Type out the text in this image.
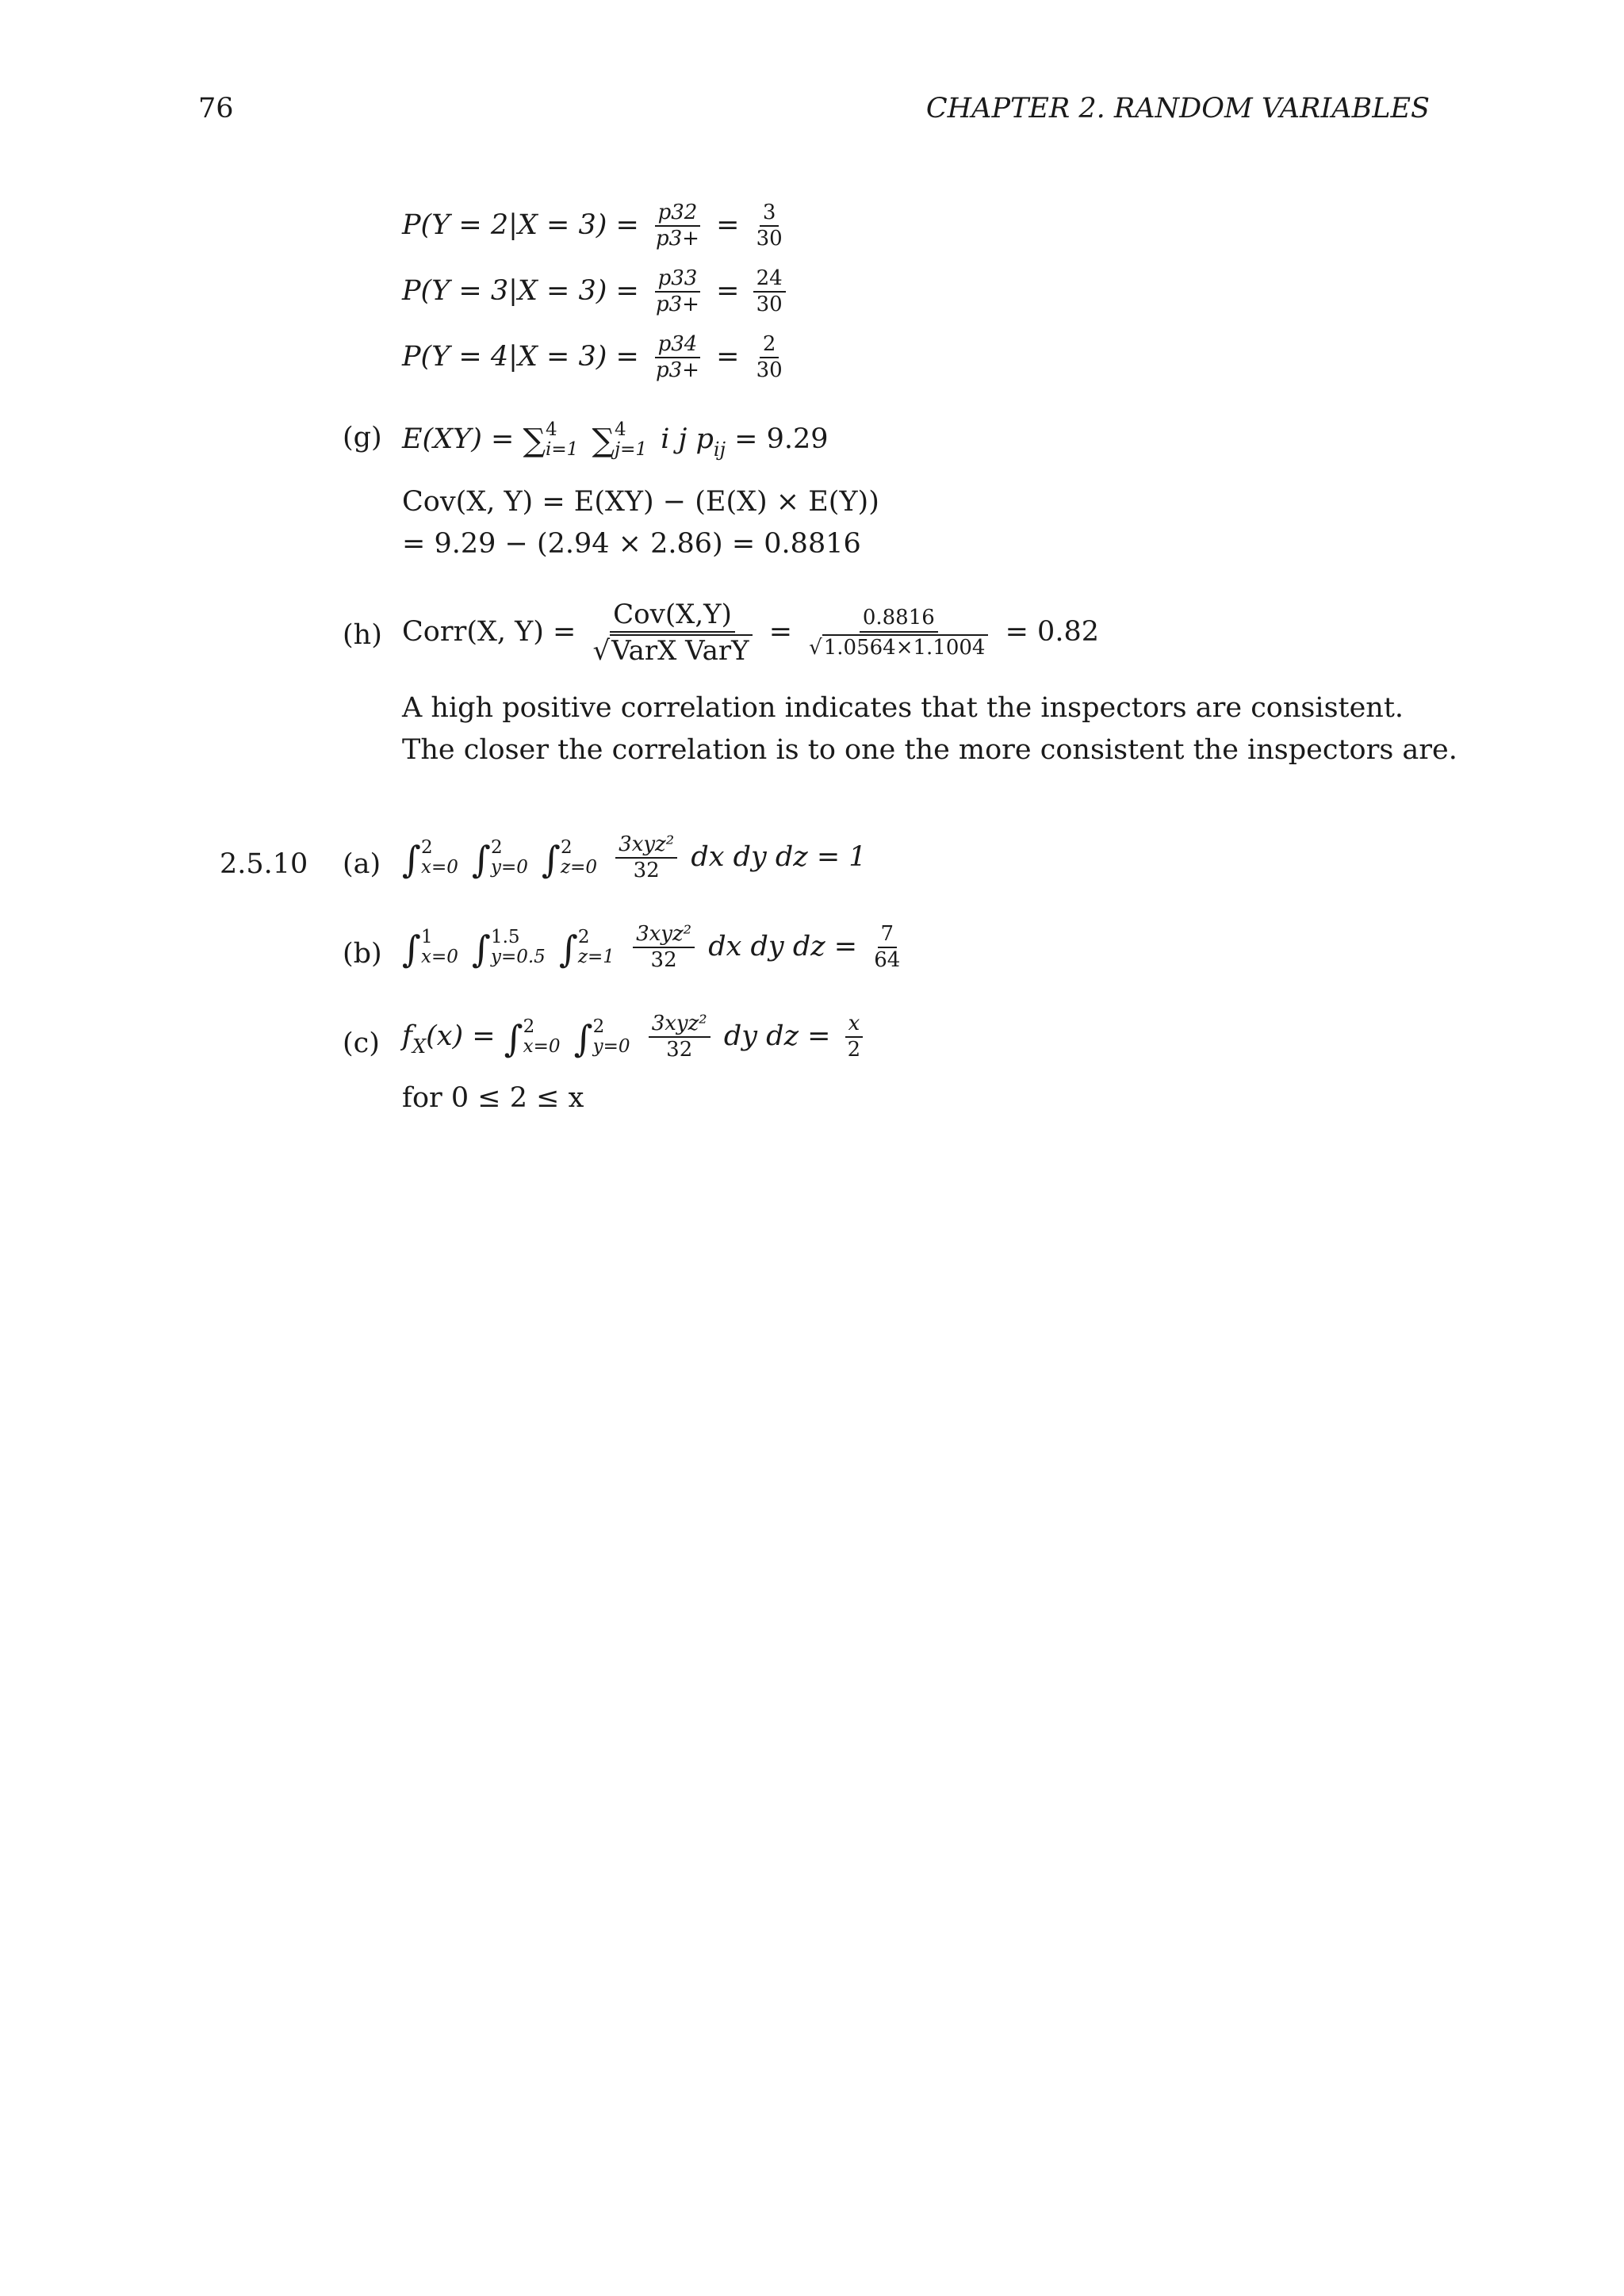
76	CHAPTER 2. RANDOM VARIABLES
$P(Y = 2|X = 3) = \frac{p32}{p3+} = \frac{3}{30}$
$P(Y = 3|X = 3) = \frac{p33}{p3+} = \frac{24}{30}$
$P(Y = 4|X = 3) = \frac{p34}{p3+} = \frac{2}{30}$
(g) E(XY) = ∑ 4
i=1 ∑ 4
j=1 i j $p_{ij} = 9.29$
Cov(X, Y) = E(XY) − (E(X) × E(Y))
= 9.29 − (2.94 × 2.86) = 0.8816
(h) Corr(X, $Y) = \frac{\text{Cov(X,Y)}}{\text{√VarX VarY}} = \frac{0.8816}{√1.0564\times 1.1004} = 0.82$
A high positive correlation indicates that the inspectors are consistent.
The closer the correlation is to one the more consistent the inspectors are.
2.5.10 (a) ∫ 2
x=0 ∫ 2
y=0 ∫ 2
z=0
$\frac{\text{3xyz²}}{32}$ dx dy dz = 1
(b) ∫ 1
x=0 ∫ 1.5
y=0.5 ∫ 2
z=1
$\frac{\text{3xyz²}}{32}$ dx dy dz = $\frac{7}{64}$
(c) $f_X(x)$ = ∫ 2
x=0 ∫ 2
y=0
$\frac{\text{3xyz²}}{32}$ dy dz = $\frac{x}{2}$
for 0 ≤ 2 ≤ x
